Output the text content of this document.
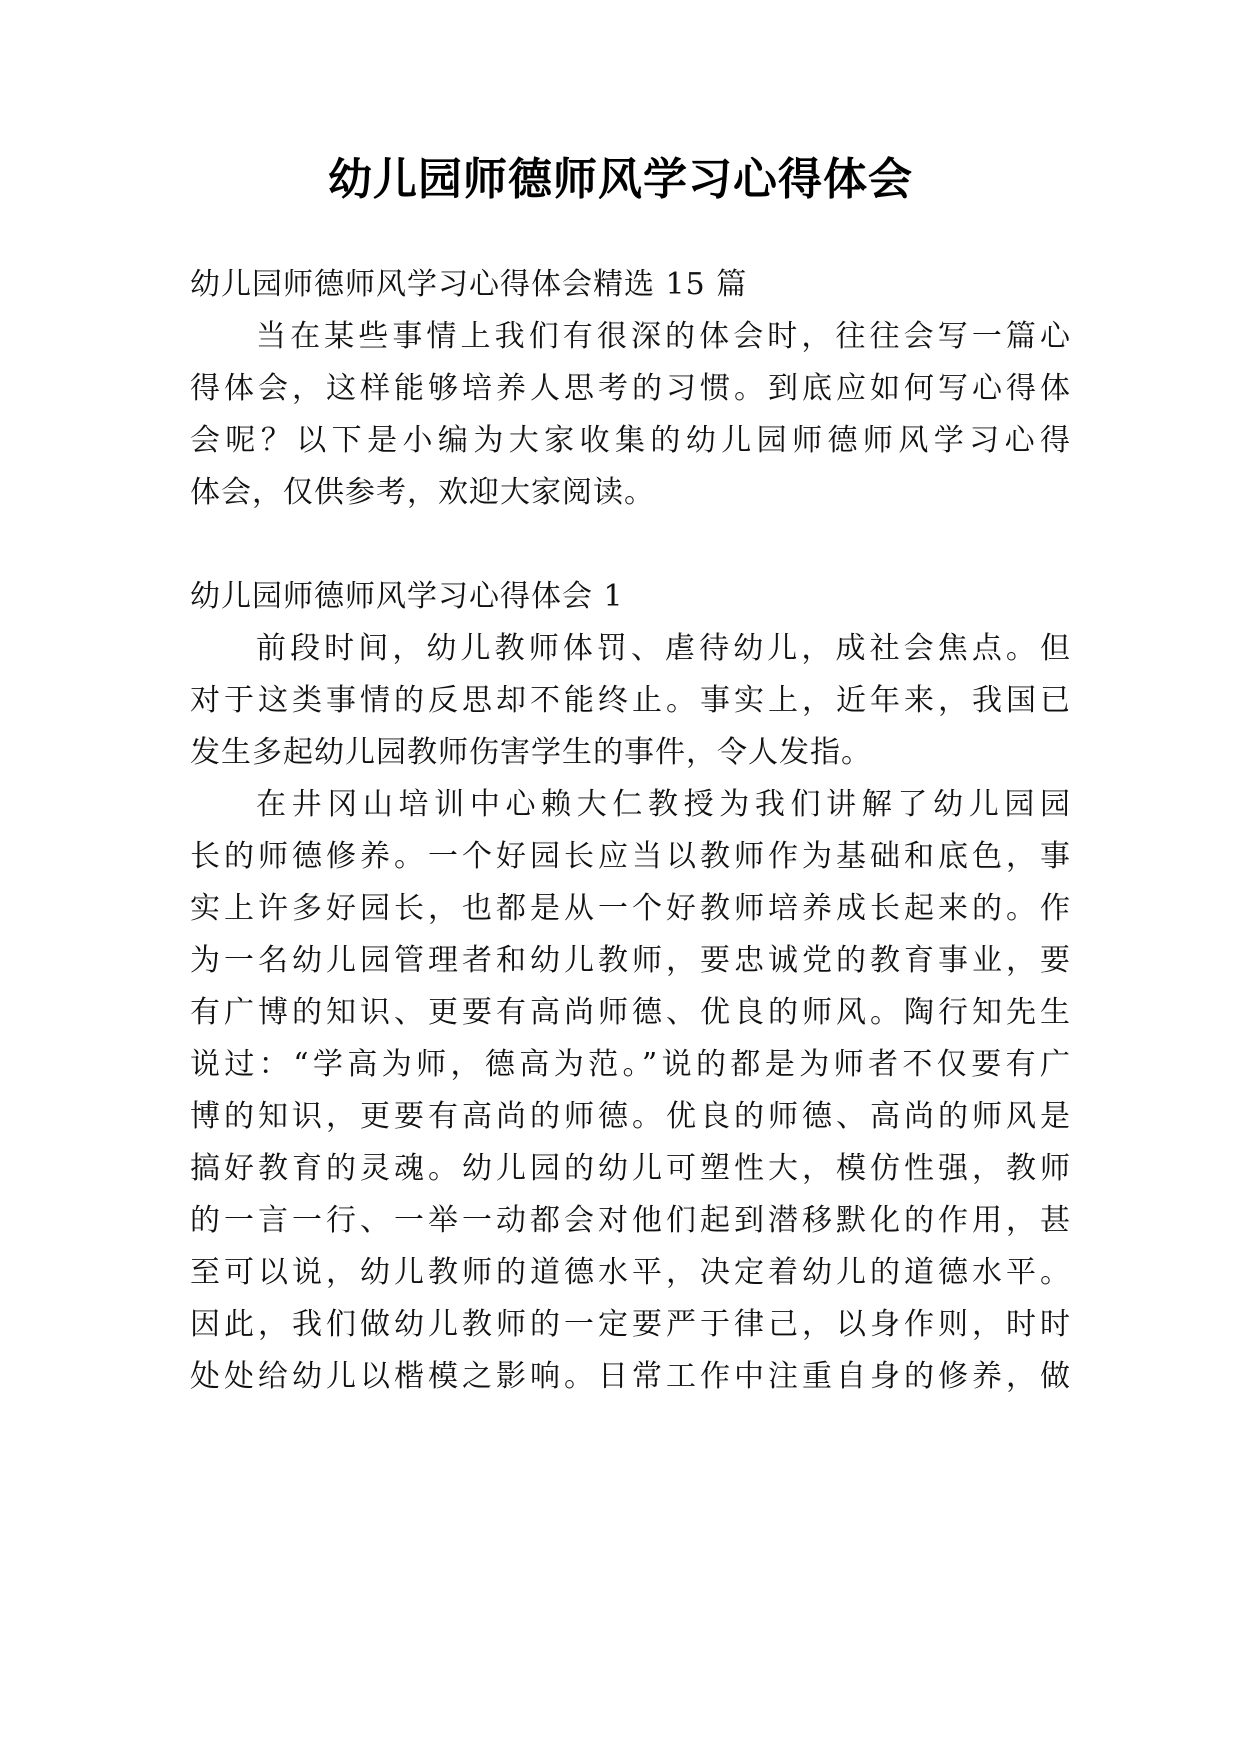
幼儿园师德师风学习心得体会
幼儿园师德师风学习心得体会精选 15 篇
当在某些事情上我们有很深的体会时，往往会写一篇心
得体会，这样能够培养人思考的习惯。到底应如何写心得体
会呢？以下是小编为大家收集的幼儿园师德师风学习心得
体会，仅供参考，欢迎大家阅读。
幼儿园师德师风学习心得体会 1
前段时间，幼儿教师体罚、虐待幼儿，成社会焦点。但
对于这类事情的反思却不能终止。事实上，近年来，我国已
发生多起幼儿园教师伤害学生的事件，令人发指。
在井冈山培训中心赖大仁教授为我们讲解了幼儿园园
长的师德修养。一个好园长应当以教师作为基础和底色，事
实上许多好园长，也都是从一个好教师培养成长起来的。作
为一名幼儿园管理者和幼儿教师，要忠诚党的教育事业，要
有广博的知识、更要有高尚师德、优良的师风。陶行知先生
说过：“学高为师，德高为范。”说的都是为师者不仅要有广
博的知识，更要有高尚的师德。优良的师德、高尚的师风是
搞好教育的灵魂。幼儿园的幼儿可塑性大，模仿性强，教师
的一言一行、一举一动都会对他们起到潜移默化的作用，甚
至可以说，幼儿教师的道德水平，决定着幼儿的道德水平。
因此，我们做幼儿教师的一定要严于律己，以身作则，时时
处处给幼儿以楷模之影响。日常工作中注重自身的修养，做
